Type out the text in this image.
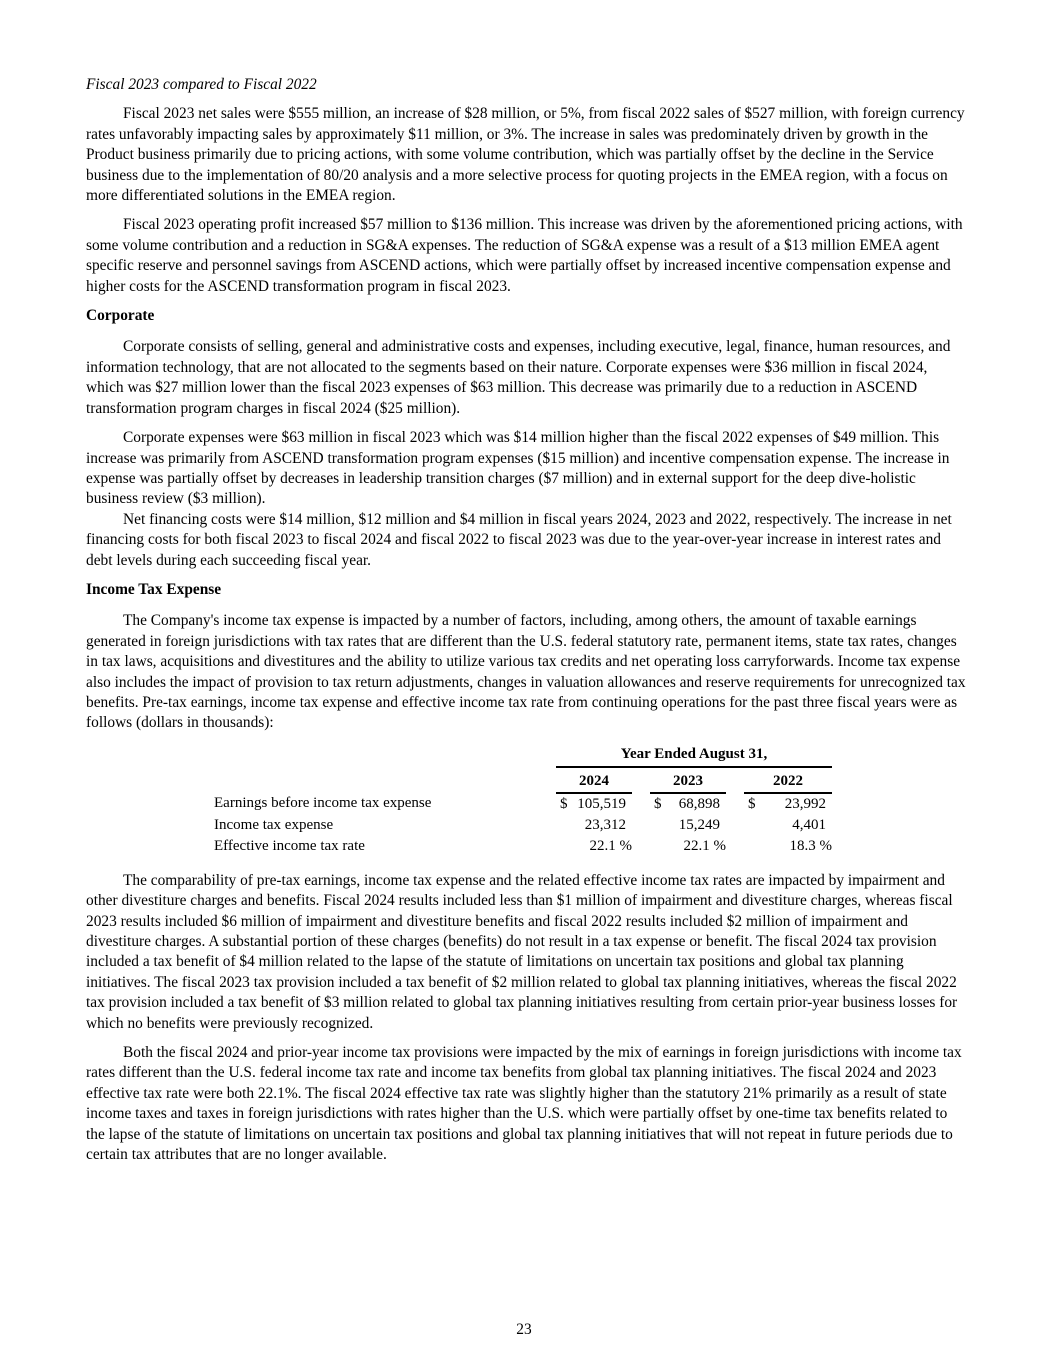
Fiscal 2023 compared to Fiscal 2022

Fiscal 2023 net sales were $555 million, an increase of $28 million, or 5%, from fiscal 2022 sales of $527 million, with foreign currency rates unfavorably impacting sales by approximately $11 million, or 3%. The increase in sales was predominately driven by growth in the Product business primarily due to pricing actions, with some volume contribution, which was partially offset by the decline in the Service business due to the implementation of 80/20 analysis and a more selective process for quoting projects in the EMEA region, with a focus on more differentiated solutions in the EMEA region.

Fiscal 2023 operating profit increased $57 million to $136 million. This increase was driven by the aforementioned pricing actions, with some volume contribution and a reduction in SG&A expenses. The reduction of SG&A expense was a result of a $13 million EMEA agent specific reserve and personnel savings from ASCEND actions, which were partially offset by increased incentive compensation expense and higher costs for the ASCEND transformation program in fiscal 2023.

Corporate

Corporate consists of selling, general and administrative costs and expenses, including executive, legal, finance, human resources, and information technology, that are not allocated to the segments based on their nature. Corporate expenses were $36 million in fiscal 2024, which was $27 million lower than the fiscal 2023 expenses of $63 million. This decrease was primarily due to a reduction in ASCEND transformation program charges in fiscal 2024 ($25 million).

Corporate expenses were $63 million in fiscal 2023 which was $14 million higher than the fiscal 2022 expenses of $49 million. This increase was primarily from ASCEND transformation program expenses ($15 million) and incentive compensation expense. The increase in expense was partially offset by decreases in leadership transition charges ($7 million) and in external support for the deep dive-holistic business review ($3 million).

Net financing costs were $14 million, $12 million and $4 million in fiscal years 2024, 2023 and 2022, respectively. The increase in net financing costs for both fiscal 2023 to fiscal 2024 and fiscal 2022 to fiscal 2023 was due to the year-over-year increase in interest rates and debt levels during each succeeding fiscal year.

Income Tax Expense

The Company's income tax expense is impacted by a number of factors, including, among others, the amount of taxable earnings generated in foreign jurisdictions with tax rates that are different than the U.S. federal statutory rate, permanent items, state tax rates, changes in tax laws, acquisitions and divestitures and the ability to utilize various tax credits and net operating loss carryforwards. Income tax expense also includes the impact of provision to tax return adjustments, changes in valuation allowances and reserve requirements for unrecognized tax benefits. Pre-tax earnings, income tax expense and effective income tax rate from continuing operations for the past three fiscal years were as follows (dollars in thousands):

	Year Ended August 31,				
	2024		2023		2022
Earnings before income tax expense	$ 105,519		$ 68,898		$ 23,992
Income tax expense	23,312		15,249		4,401
Effective income tax rate	22.1 %		22.1 %		18.3 %

The comparability of pre-tax earnings, income tax expense and the related effective income tax rates are impacted by impairment and other divestiture charges and benefits. Fiscal 2024 results included less than $1 million of impairment and divestiture charges, whereas fiscal 2023 results included $6 million of impairment and divestiture benefits and fiscal 2022 results included $2 million of impairment and divestiture charges. A substantial portion of these charges (benefits) do not result in a tax expense or benefit. The fiscal 2024 tax provision included a tax benefit of $4 million related to the lapse of the statute of limitations on uncertain tax positions and global tax planning initiatives. The fiscal 2023 tax provision included a tax benefit of $2 million related to global tax planning initiatives, whereas the fiscal 2022 tax provision included a tax benefit of $3 million related to global tax planning initiatives resulting from certain prior-year business losses for which no benefits were previously recognized.

Both the fiscal 2024 and prior-year income tax provisions were impacted by the mix of earnings in foreign jurisdictions with income tax rates different than the U.S. federal income tax rate and income tax benefits from global tax planning initiatives. The fiscal 2024 and 2023 effective tax rate were both 22.1%. The fiscal 2024 effective tax rate was slightly higher than the statutory 21% primarily as a result of state income taxes and taxes in foreign jurisdictions with rates higher than the U.S. which were partially offset by one-time tax benefits related to the lapse of the statute of limitations on uncertain tax positions and global tax planning initiatives that will not repeat in future periods due to certain tax attributes that are no longer available.

23
